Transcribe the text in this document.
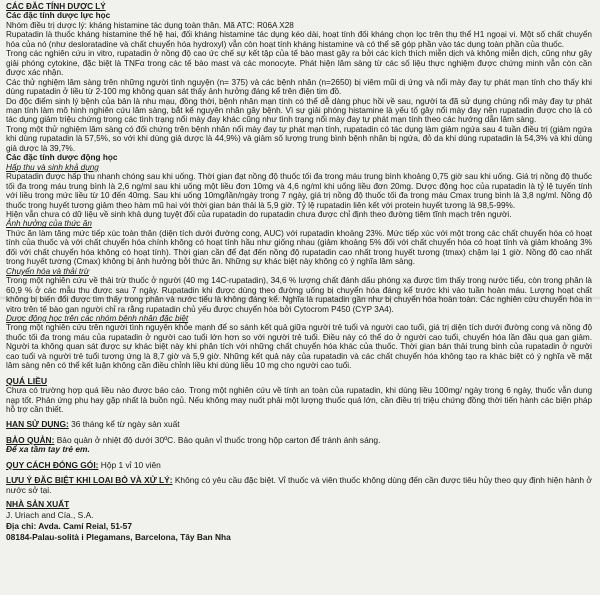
CÁC ĐẶC TÍNH DƯỢC LÝ
Các đặc tính dược lực học

Nhóm điều trị dược lý: kháng histamine tác dụng toàn thân. Mã ATC: R06A X28

Rupatadin là thuốc kháng histamine thế hệ hai, đối kháng histamine tác dụng kéo dài, hoạt tính đối kháng chọn lọc trên thụ thể H1 ngoại vi. Một số chất chuyển hóa của nó (như desloratadine và chất chuyển hóa hydroxyl) vẫn còn hoạt tính kháng histamine và có thể sẽ góp phần vào tác dụng toàn phần của thuốc.

Trong các nghiên cứu in vitro, rupatadin ở nồng độ cao ức chế sự kết tập của tế bào mast gây ra bởi các kích thích miễn dịch và không miễn dịch, cũng như gây giải phóng cytokine, đặc biệt là TNFα trong các tế bào mast và các monocyte. Phát hiện lâm sàng từ các số liệu thực nghiệm được chứng minh vẫn còn cần được xác nhận.

Các thử nghiệm lâm sàng trên những người tình nguyện (n= 375) và các bệnh nhân (n=2650) bị viêm mũi dị ứng và nổi mày đay tự phát mạn tính cho thấy khi dùng rupatadin ở liều từ 2-100 mg không quan sát thấy ảnh hưởng đáng kể trên điện tim đồ.

Do độc điểm sinh lý bệnh của bản là nhu mạu, đồng thời, bệnh nhân mạn tính có thể dễ dàng phục hồi về sau, người ta đã sử dụng chúng nổi mày đay tự phát mạn tính làm mô hình nghiên cứu lâm sàng, bắt kể nguyên nhân gây bệnh. Vì sự giải phóng histamine là yếu tố gây nổi mày đay nên rupatadin được cho là có tác dụng giảm triệu chứng trong các tình trạng nổi mày đay khác cũng như tình trạng nổi mày đay tự phát mạn tính theo các hướng dẫn lâm sàng.

Trong một thử nghiệm lâm sàng có đối chứng trên bệnh nhân nổi mày đay tự phát mạn tính, rupatadin có tác dụng làm giảm ngứa sau 4 tuần điều trị (giảm ngứa khi dùng rupatadin là 57,5%, so với khi dùng giả dược là 44,9%) và giảm số lượng trung bình bệnh nhân bị ngứa, đỏ da khi dùng rupatadin là 54,3% và khi dùng giả dược là 39,7%.

Các đặc tính dược động học
Hấp thu và sinh khả dụng

Rupatadin được hấp thu nhanh chóng sau khi uống. Thời gian đạt nồng độ thuốc tối đa trong máu trung bình khoảng 0,75 giờ sau khi uống. Giá trị nồng độ thuốc tối đa trong máu trung bình là 2,6 ng/ml sau khi uống một liều đơn 10mg và 4,6 ng/ml khi uống liều đơn 20mg. Dược động học của rupatadin là tỷ lệ tuyến tính với liều trong mức liều từ 10 đến 40mg. Sau khi uống 10mg/lần/ngày trong 7 ngày, giá trị nồng độ thuốc tối đa trong máu Cmax trung bình là 3,8 ng/ml. Nồng độ thuốc trong huyết tương giảm theo hàm mũ hai với thời gian bán thải là 5,9 giờ. Tỷ lệ rupatadin liên kết với protein huyết tương là 98,5-99%.

Hiện vẫn chưa có dữ liệu về sinh khả dụng tuyệt đối của rupatadin do rupatadin chưa được chỉ định theo đường tiêm tĩnh mạch trên người.

Ảnh hưởng của thức ăn

Thức ăn làm tăng mức tiếp xúc toàn thân (diện tích dưới đường cong, AUC) với rupatadin khoảng 23%. Mức tiếp xúc với một trong các chất chuyển hóa có hoạt tính của thuốc và với chất chuyển hóa chính không có hoạt tính hầu như giống nhau (giảm khoảng 5% đối với chất chuyển hóa có hoạt tính và giảm khoảng 3% đối với chất chuyển hóa không có hoạt tính). Thời gian cần để đạt đến nồng độ rupatadin cao nhất trong huyết tương (tmax) chậm lại 1 giờ. Nồng độ cao nhất trong huyết tương (Cmax) không bị ảnh hưởng bởi thức ăn. Những sự khác biệt này không có ý nghĩa lâm sàng.

Chuyển hóa và thải trừ

Trong một nghiên cứu về thải trừ thuốc ở người (40 mg 14C-rupatadin), 34,6 % lượng chất đánh dấu phóng xạ được tìm thấy trong nước tiểu, còn trong phân là 60,9 % ở các mẫu thu được sau 7 ngày. Rupatadin khi được dùng theo đường uống bị chuyển hóa đáng kể trước khi vào tuần hoàn máu. Lượng hoạt chất không bị biến đổi được tìm thấy trong phân và nước tiểu là không đáng kể. Nghĩa là rupatadin gần như bị chuyển hóa hoàn toàn. Các nghiên cứu chuyển hóa in vitro trên tế bào gan người chỉ ra rằng rupatadin chủ yếu được chuyển hóa bởi Cytocrom P450 (CYP 3A4).

Dược động học trên các nhóm bệnh nhân đặc biệt

Trong một nghiên cứu trên người tình nguyện khỏe mạnh để so sánh kết quả giữa người trẻ tuổi và người cao tuổi, giá trị diện tích dưới đường cong và nồng độ thuốc tối đa trong máu của rupatadin ở người cao tuổi lớn hơn so với người trẻ tuổi. Điều này có thể do ở người cao tuổi, chuyển hóa lần đầu qua gan giảm. Người ta không quan sát được sự khác biệt này khi phân tích với những chất chuyển hóa khác của thuốc. Thời gian bán thải trung bình của rupatadin ở người cao tuổi và người trẻ tuổi tương ứng là 8,7 giờ và 5,9 giờ. Những kết quả này của rupatadin và các chất chuyển hóa không tạo ra khác biệt có ý nghĩa về mặt lâm sàng nên có thể kết luận không cần điều chỉnh liều khi dùng liều 10 mg cho người cao tuổi.

QUÁ LIỀU

Chưa có trường hợp quá liều nào được báo cáo. Trong một nghiên cứu về tính an toàn của rupatadin, khi dùng liều 100mg/ ngày trong 6 ngày, thuốc vẫn dung nạp tốt. Phản ứng phụ hay gặp nhất là buồn ngủ. Nếu không may nuốt phải một lượng thuốc quá lớn, cần điều trị triệu chứng đồng thời tiến hành các biện pháp hỗ trợ cần thiết.

HẠN SỬ DỤNG: 36 tháng kể từ ngày sản xuất
BẢO QUẢN: Bảo quản ở nhiệt độ dưới 30ºC. Bảo quản vỉ thuốc trong hộp carton để tránh ánh sáng.
Để xa tầm tay trẻ em.
QUY CÁCH ĐÓNG GÓI: Hộp 1 vỉ 10 viên
LƯU Ý ĐẶC BIỆT KHI LOẠI BỎ VÀ XỬ LÝ: Không có yêu cầu đặc biệt. Vỉ thuốc và viên thuốc không dùng đến cần được tiêu hủy theo quy định hiện hành ở nước sở tại.
NHÀ SẢN XUẤT
J. Uriach and Cía., S.A.
Địa chỉ: Avda. Camí Reial, 51-57
08184-Palau-solità i Plegamans, Barcelona, Tây Ban Nha
